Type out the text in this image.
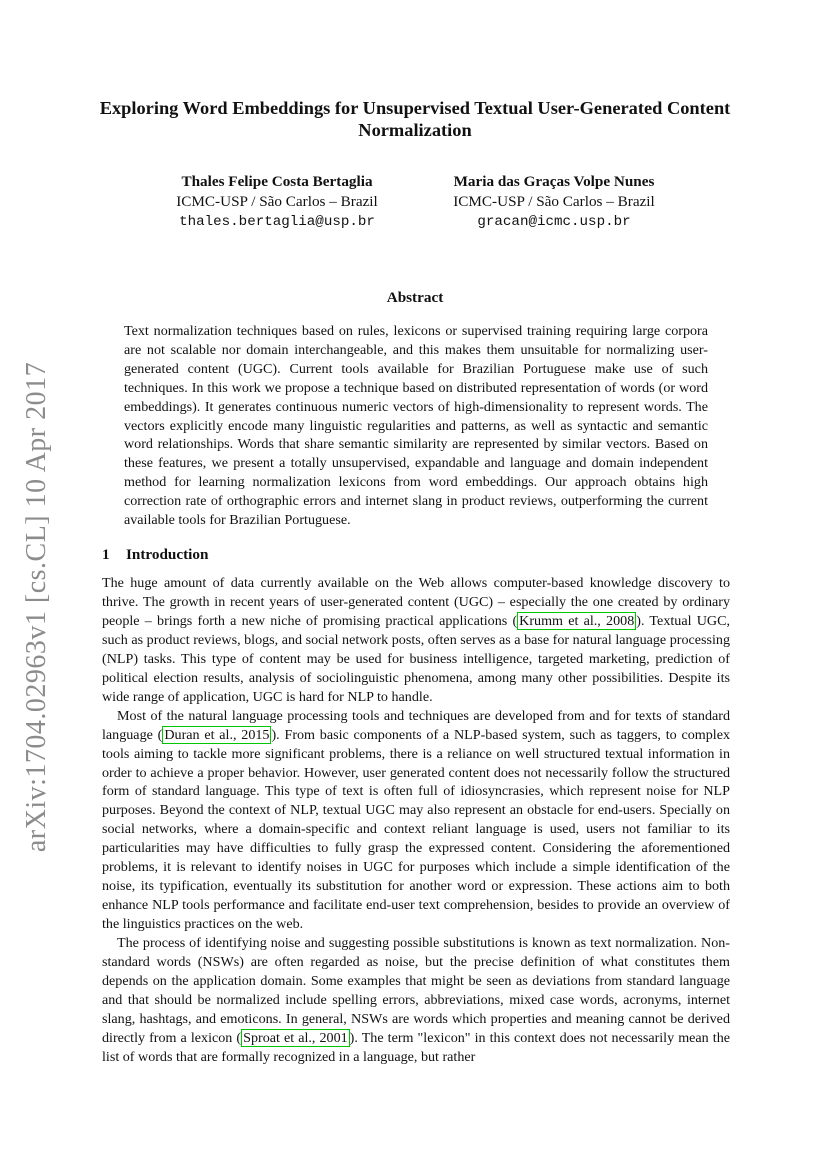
arXiv:1704.02963v1 [cs.CL] 10 Apr 2017
Exploring Word Embeddings for Unsupervised Textual User-Generated Content Normalization
Thales Felipe Costa Bertaglia
ICMC-USP / São Carlos – Brazil
thales.bertaglia@usp.br
Maria das Graças Volpe Nunes
ICMC-USP / São Carlos – Brazil
gracan@icmc.usp.br
Abstract
Text normalization techniques based on rules, lexicons or supervised training requiring large corpora are not scalable nor domain interchangeable, and this makes them unsuitable for normalizing user-generated content (UGC). Current tools available for Brazilian Portuguese make use of such techniques. In this work we propose a technique based on distributed representation of words (or word embeddings). It generates continuous numeric vectors of high-dimensionality to represent words. The vectors explicitly encode many linguistic regularities and patterns, as well as syntactic and semantic word relationships. Words that share semantic similarity are represented by similar vectors. Based on these features, we present a totally unsupervised, expandable and language and domain independent method for learning normalization lexicons from word embeddings. Our approach obtains high correction rate of orthographic errors and internet slang in product reviews, outperforming the current available tools for Brazilian Portuguese.
1 Introduction

The huge amount of data currently available on the Web allows computer-based knowledge discovery to thrive. The growth in recent years of user-generated content (UGC) – especially the one created by ordinary people – brings forth a new niche of promising practical applications ( Krumm et al., 2008 ). Textual UGC, such as product reviews, blogs, and social network posts, often serves as a base for natural language processing (NLP) tasks. This type of content may be used for business intelligence, targeted marketing, prediction of political election results, analysis of sociolinguistic phenomena, among many other possibilities. Despite its wide range of application, UGC is hard for NLP to handle.

Most of the natural language processing tools and techniques are developed from and for texts of standard language ( Duran et al., 2015 ). From basic components of a NLP-based system, such as taggers, to complex tools aiming to tackle more significant problems, there is a reliance on well structured textual information in order to achieve a proper behavior. However, user generated content does not necessarily follow the structured form of standard language. This type of text is often full of idiosyncrasies, which represent noise for NLP purposes. Beyond the context of NLP, textual UGC may also represent an obstacle for end-users. Specially on social networks, where a domain-specific and context reliant language is used, users not familiar to its particularities may have difficulties to fully grasp the expressed content. Considering the aforementioned problems, it is relevant to identify noises in UGC for purposes which include a simple identification of the noise, its typification, eventually its substitution for another word or expression. These actions aim to both enhance NLP tools performance and facilitate end-user text comprehension, besides to provide an overview of the linguistics practices on the web.

The process of identifying noise and suggesting possible substitutions is known as text normalization. Non-standard words (NSWs) are often regarded as noise, but the precise definition of what constitutes them depends on the application domain. Some examples that might be seen as deviations from standard language and that should be normalized include spelling errors, abbreviations, mixed case words, acronyms, internet slang, hashtags, and emoticons. In general, NSWs are words which properties and meaning cannot be derived directly from a lexicon ( Sproat et al., 2001 ). The term "lexicon" in this context does not necessarily mean the list of words that are formally recognized in a language, but rather
